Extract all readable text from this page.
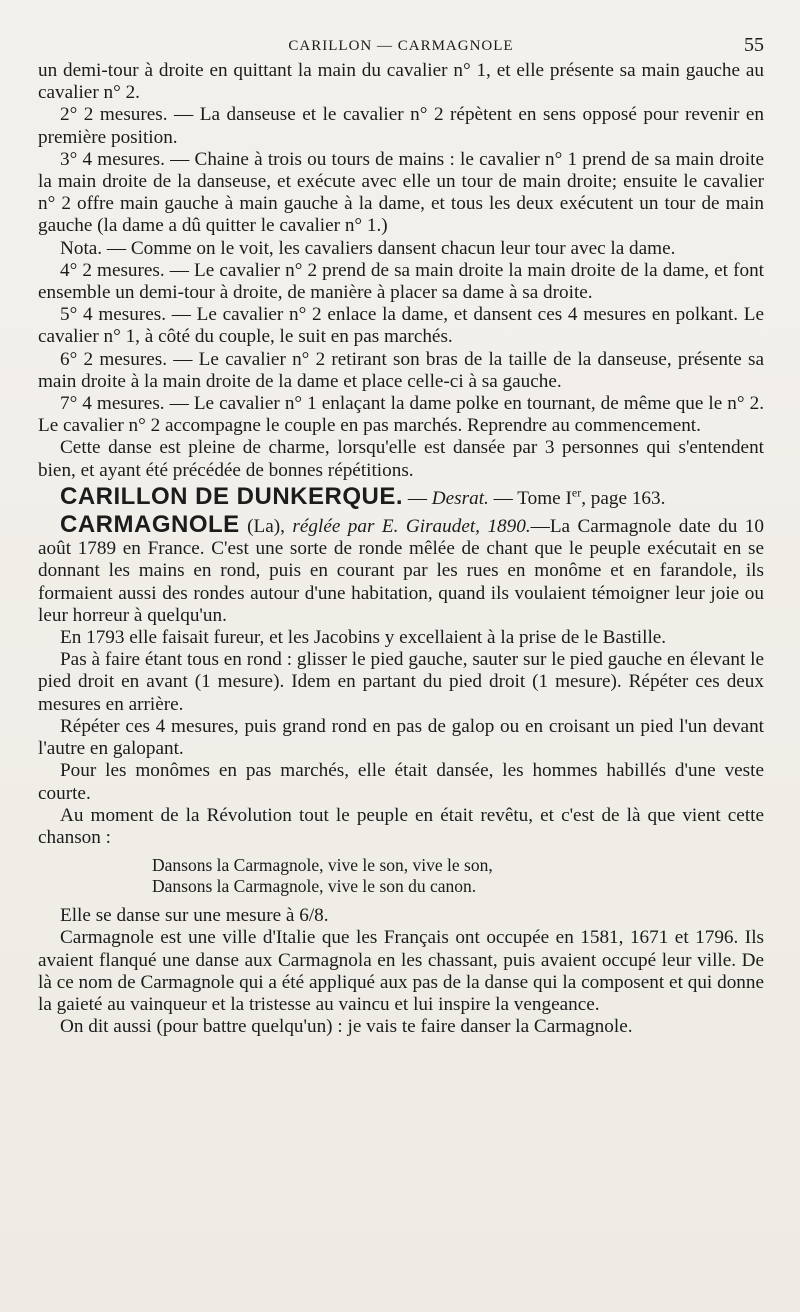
CARILLON — CARMAGNOLE	55

un demi-tour à droite en quittant la main du cavalier n° 1, et elle présente sa main gauche au cavalier n° 2.

2° 2 mesures. — La danseuse et le cavalier n° 2 répètent en sens opposé pour revenir en première position.

3° 4 mesures. — Chaine à trois ou tours de mains : le cavalier n° 1 prend de sa main droite la main droite de la danseuse, et exécute avec elle un tour de main droite; ensuite le cavalier n° 2 offre main gauche à main gauche à la dame, et tous les deux exécutent un tour de main gauche (la dame a dû quitter le cavalier n° 1.)

Nota. — Comme on le voit, les cavaliers dansent chacun leur tour avec la dame.

4° 2 mesures. — Le cavalier n° 2 prend de sa main droite la main droite de la dame, et font ensemble un demi-tour à droite, de manière à placer sa dame à sa droite.

5° 4 mesures. — Le cavalier n° 2 enlace la dame, et dansent ces 4 mesures en polkant. Le cavalier n° 1, à côté du couple, le suit en pas marchés.

6° 2 mesures. — Le cavalier n° 2 retirant son bras de la taille de la danseuse, présente sa main droite à la main droite de la dame et place celle-ci à sa gauche.

7° 4 mesures. — Le cavalier n° 1 enlaçant la dame polke en tournant, de même que le n° 2. Le cavalier n° 2 accompagne le couple en pas marchés. Reprendre au commencement.

Cette danse est pleine de charme, lorsqu'elle est dansée par 3 personnes qui s'entendent bien, et ayant été précédée de bonnes répétitions.

CARILLON DE DUNKERQUE. — Desrat. — Tome Ier, page 163.

CARMAGNOLE (La), réglée par E. Giraudet, 1890.—La Carmagnole date du 10 août 1789 en France. C'est une sorte de ronde mêlée de chant que le peuple exécutait en se donnant les mains en rond, puis en courant par les rues en monôme et en farandole, ils formaient aussi des rondes autour d'une habitation, quand ils voulaient témoigner leur joie ou leur horreur à quelqu'un.

En 1793 elle faisait fureur, et les Jacobins y excellaient à la prise de le Bastille.

Pas à faire étant tous en rond : glisser le pied gauche, sauter sur le pied gauche en élevant le pied droit en avant (1 mesure). Idem en partant du pied droit (1 mesure). Répéter ces deux mesures en arrière.

Répéter ces 4 mesures, puis grand rond en pas de galop ou en croisant un pied l'un devant l'autre en galopant.

Pour les monômes en pas marchés, elle était dansée, les hommes habillés d'une veste courte.

Au moment de la Révolution tout le peuple en était revêtu, et c'est de là que vient cette chanson :

Dansons la Carmagnole, vive le son, vive le son,
Dansons la Carmagnole, vive le son du canon.

Elle se danse sur une mesure à 6/8.

Carmagnole est une ville d'Italie que les Français ont occupée en 1581, 1671 et 1796. Ils avaient flanqué une danse aux Carmagnola en les chassant, puis avaient occupé leur ville. De là ce nom de Carmagnole qui a été appliqué aux pas de la danse qui la composent et qui donne la gaieté au vainqueur et la tristesse au vaincu et lui inspire la vengeance.

On dit aussi (pour battre quelqu'un) : je vais te faire danser la Carmagnole.
